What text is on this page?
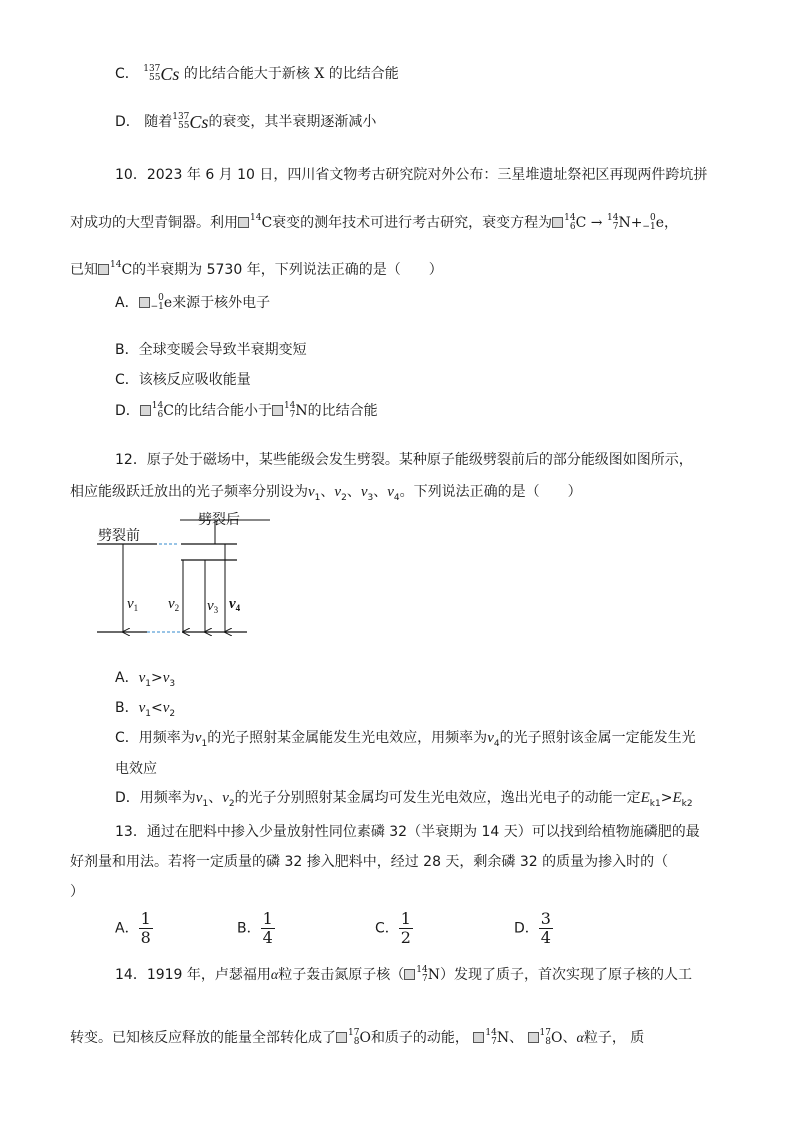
C． 137
55 Cs 的比结合能大于新核 X 的比结合能
D． 随着 137
55 Cs的衰变，其半衰期逐渐减小
10．2023 年 6 月 10 日，四川省文物考古研究院对外公布：三星堆遗址祭祀区再现两件跨坑拼
对成功的大型青铜器。利用 14
C衰变的测年技术可进行考古研究，衰变方程为 14
6 C → 14
7 N+ 0
−1 e，
已知 14
C的半衰期为 5730 年，下列说法正确的是（　　）
A． 0
−1 e来源于核外电子
B．全球变暖会导致半衰期变短
C．该核反应吸收能量
D． 14
6 C的比结合能小于 14
7 N的比结合能
12．原子处于磁场中，某些能级会发生劈裂。某种原子能级劈裂前后的部分能级图如图所示，
相应能级跃迁放出的光子频率分别设为$\nu_1$、$\nu_2$、$\nu_3$、$\nu_4$。下列说法正确的是（　　）
劈裂后
劈裂前
$\nu_1$ $\nu_2$ $\nu_3$ $\nu_4$
A．$\nu_1>\nu_3$
B．$\nu_1<\nu_2$
C．用频率为$\nu_1$的光子照射某金属能发生光电效应，用频率为$\nu_4$的光子照射该金属一定能发生光
电效应
D．用频率为$\nu_1$、$\nu_2$的光子分别照射某金属均可发生光电效应，逸出光电子的动能一定$E_{k1}>E_{k2}$
13．通过在肥料中掺入少量放射性同位素磷 32（半衰期为 14 天）可以找到给植物施磷肥的最
好剂量和用法。若将一定质量的磷 32 掺入肥料中，经过 28 天，剩余磷 32 的质量为掺入时的（
）
A． $\frac{1}{8}$	B． $\frac{1}{4}$	C． $\frac{1}{2}$	D． $\frac{3}{4}$
14．1919 年，卢瑟福用α粒子轰击氮原子核（ 14
7 N）发现了质子，首次实现了原子核的人工
转变。已知核反应释放的能量全部转化成了 17
8 O和质子的动能， 14
7 N、 17
8 O、α粒子， 质
